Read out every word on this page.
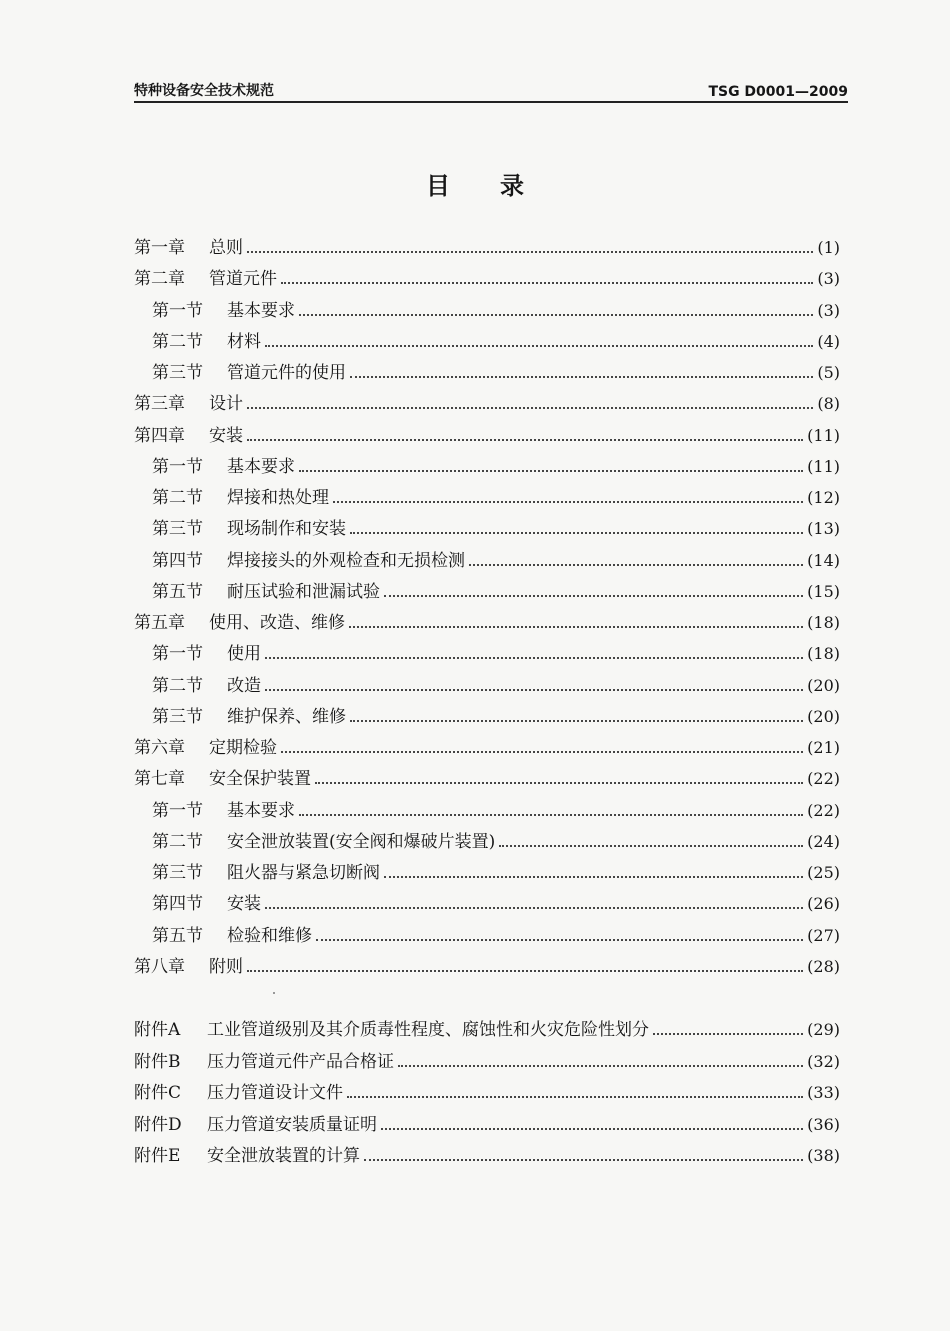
特种设备安全技术规范	TSG D0001—2009
目录
第一章	总则	(1)
第二章	管道元件	(3)
第一节	基本要求	(3)
第二节	材料	(4)
第三节	管道元件的使用	(5)
第三章	设计	(8)
第四章	安装	(11)
第一节	基本要求	(11)
第二节	焊接和热处理	(12)
第三节	现场制作和安装	(13)
第四节	焊接接头的外观检查和无损检测	(14)
第五节	耐压试验和泄漏试验	(15)
第五章	使用、改造、维修	(18)
第一节	使用	(18)
第二节	改造	(20)
第三节	维护保养、维修	(20)
第六章	定期检验	(21)
第七章	安全保护装置	(22)
第一节	基本要求	(22)
第二节	安全泄放装置(安全阀和爆破片装置)	(24)
第三节	阻火器与紧急切断阀	(25)
第四节	安装	(26)
第五节	检验和维修	(27)
第八章	附则	(28)
附件A	工业管道级别及其介质毒性程度、腐蚀性和火灾危险性划分	(29)
附件B	压力管道元件产品合格证	(32)
附件C	压力管道设计文件	(33)
附件D	压力管道安装质量证明	(36)
附件E	安全泄放装置的计算	(38)
